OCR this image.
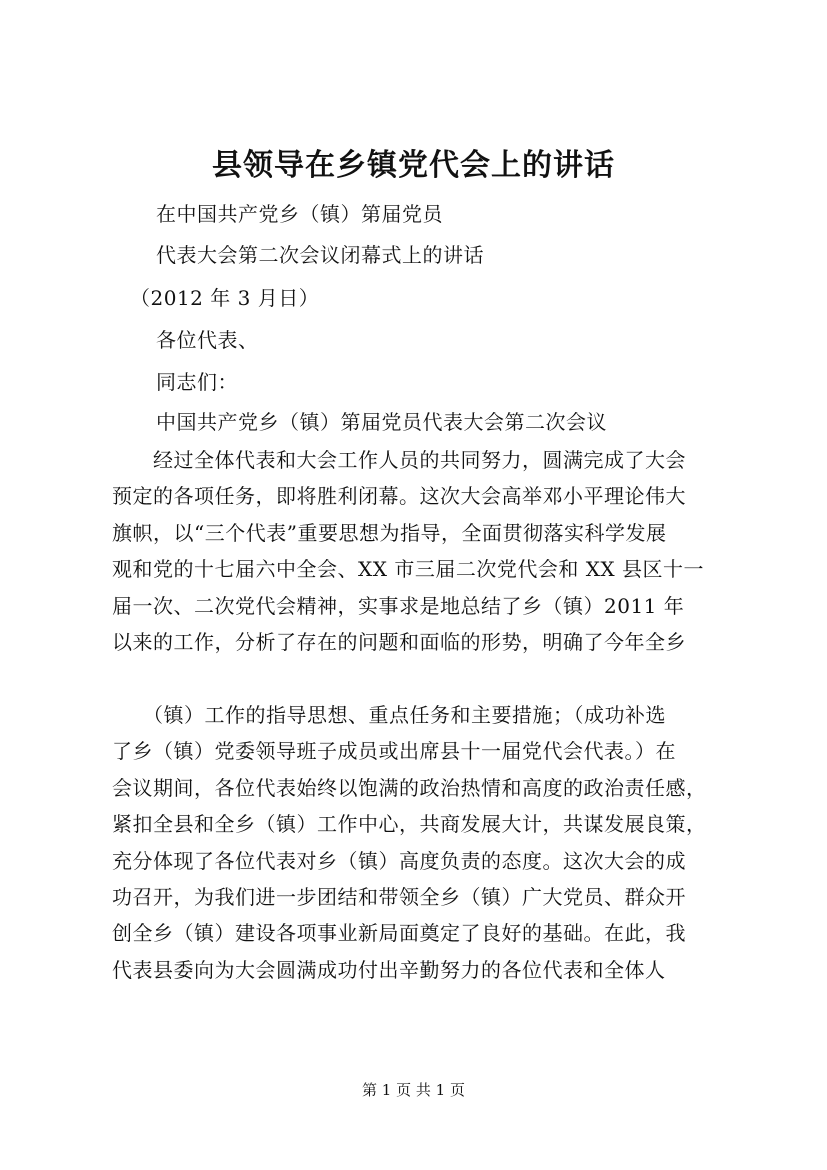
县领导在乡镇党代会上的讲话
在中国共产党乡（镇）第届党员
代表大会第二次会议闭幕式上的讲话
（2012 年 3 月日）
各位代表、
同志们：
中国共产党乡（镇）第届党员代表大会第二次会议
　　经过全体代表和大会工作人员的共同努力，圆满完成了大会
预定的各项任务，即将胜利闭幕。这次大会高举邓小平理论伟大
旗帜，以“三个代表”重要思想为指导，全面贯彻落实科学发展
观和党的十七届六中全会、XX 市三届二次党代会和 XX 县区十一
届一次、二次党代会精神，实事求是地总结了乡（镇）2011 年
以来的工作，分析了存在的问题和面临的形势，明确了今年全乡
　　（镇）工作的指导思想、重点任务和主要措施；（成功补选
了乡（镇）党委领导班子成员或出席县十一届党代会代表。）在
会议期间，各位代表始终以饱满的政治热情和高度的政治责任感，
紧扣全县和全乡（镇）工作中心，共商发展大计，共谋发展良策，
充分体现了各位代表对乡（镇）高度负责的态度。这次大会的成
功召开，为我们进一步团结和带领全乡（镇）广大党员、群众开
创全乡（镇）建设各项事业新局面奠定了良好的基础。在此，我
代表县委向为大会圆满成功付出辛勤努力的各位代表和全体人
第 1 页 共 1 页
